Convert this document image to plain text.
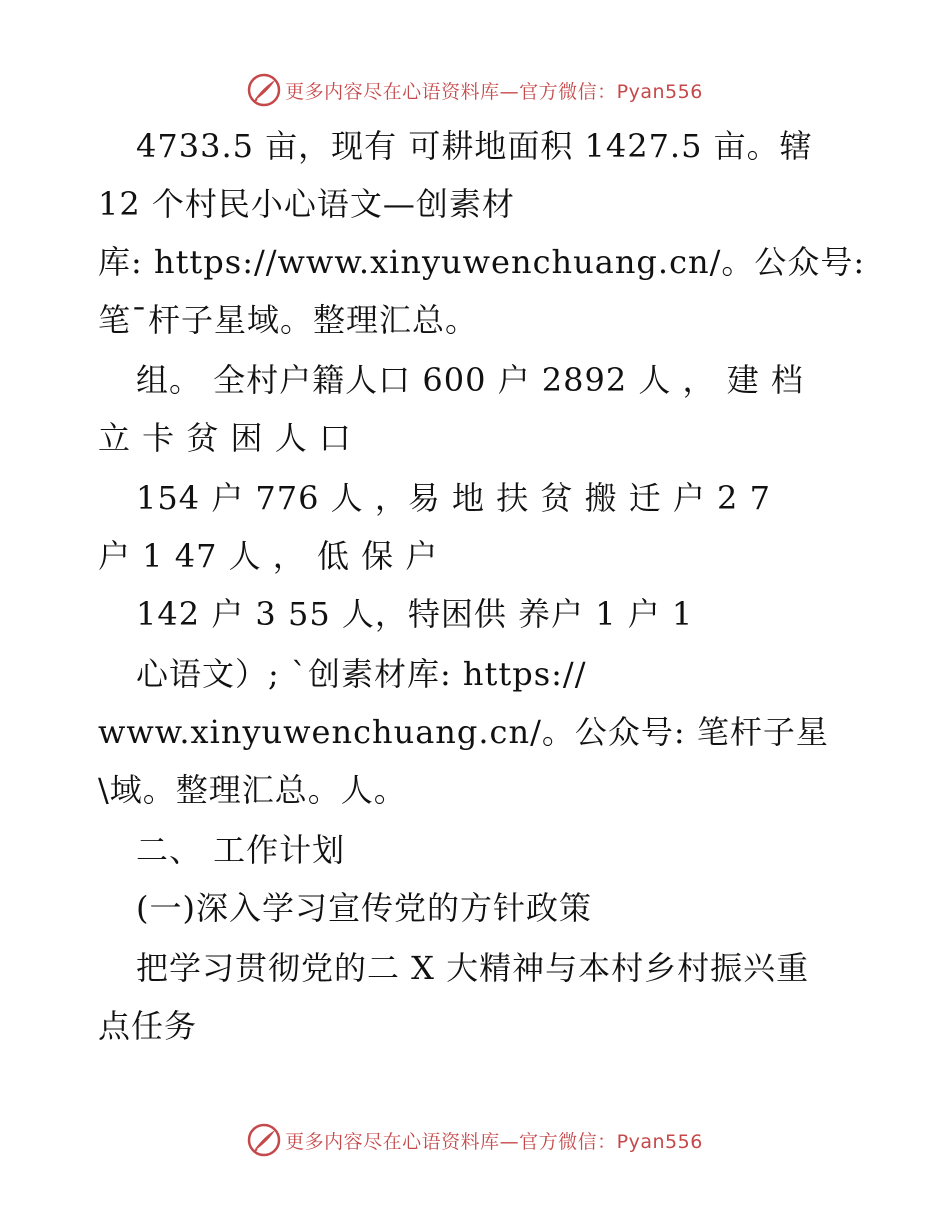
更多内容尽在心语资料库—官方微信：Pyan556
4733.5 亩，现有 可耕地面积 1427.5 亩。辖
12 个村民小心语文—创素材
库: https://www.xinyuwenchuang.cn/。公众号:
笔¯杆子星域。整理汇总。
组。 全村户籍人口 600 户 2892 人 ， 建 档
立 卡 贫 困 人 口
154 户 776 人 ，易 地 扶 贫 搬 迁 户 2 7
户 1 47 人 ， 低 保 户
142 户 3 55 人，特困供 养户 1 户 1
心语文）; `创素材库: https://
www.xinyuwenchuang.cn/。公众号: 笔杆子星
\域。整理汇总。人。
二、 工作计划
(一)深入学习宣传党的方针政策
把学习贯彻党的二 X 大精神与本村乡村振兴重
点任务
更多内容尽在心语资料库—官方微信：Pyan556
